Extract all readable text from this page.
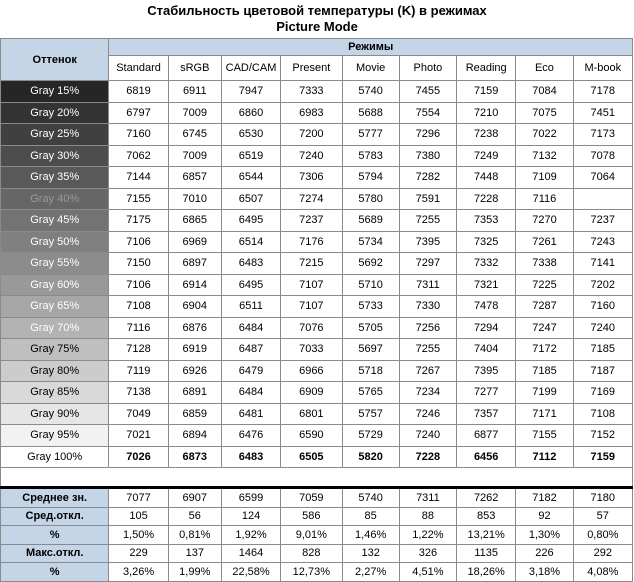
Стабильность цветовой температуры (K) в режимах
Picture Mode
Оттенок	Режимы								
	Standard	sRGB	CAD/CAM	Present	Movie	Photo	Reading	Eco	M-book
Gray 15%	6819	6911	7947	7333	5740	7455	7159	7084	7178
Gray 20%	6797	7009	6860	6983	5688	7554	7210	7075	7451
Gray 25%	7160	6745	6530	7200	5777	7296	7238	7022	7173
Gray 30%	7062	7009	6519	7240	5783	7380	7249	7132	7078
Gray 35%	7144	6857	6544	7306	5794	7282	7448	7109	7064
Gray 40%	7155	7010	6507	7274	5780	7591	7228	7116	
Gray 45%	7175	6865	6495	7237	5689	7255	7353	7270	7237
Gray 50%	7106	6969	6514	7176	5734	7395	7325	7261	7243
Gray 55%	7150	6897	6483	7215	5692	7297	7332	7338	7141
Gray 60%	7106	6914	6495	7107	5710	7311	7321	7225	7202
Gray 65%	7108	6904	6511	7107	5733	7330	7478	7287	7160
Gray 70%	7116	6876	6484	7076	5705	7256	7294	7247	7240
Gray 75%	7128	6919	6487	7033	5697	7255	7404	7172	7185
Gray 80%	7119	6926	6479	6966	5718	7267	7395	7185	7187
Gray 85%	7138	6891	6484	6909	5765	7234	7277	7199	7169
Gray 90%	7049	6859	6481	6801	5757	7246	7357	7171	7108
Gray 95%	7021	6894	6476	6590	5729	7240	6877	7155	7152
Gray 100%	7026	6873	6483	6505	5820	7228	6456	7112	7159

Среднее зн.	7077	6907	6599	7059	5740	7311	7262	7182	7180
Сред.откл.	105	56	124	586	85	88	853	92	57
%	1,50%	0,81%	1,92%	9,01%	1,46%	1,22%	13,21%	1,30%	0,80%
Макс.откл.	229	137	1464	828	132	326	1135	226	292
%	3,26%	1,99%	22,58%	12,73%	2,27%	4,51%	18,26%	3,18%	4,08%
